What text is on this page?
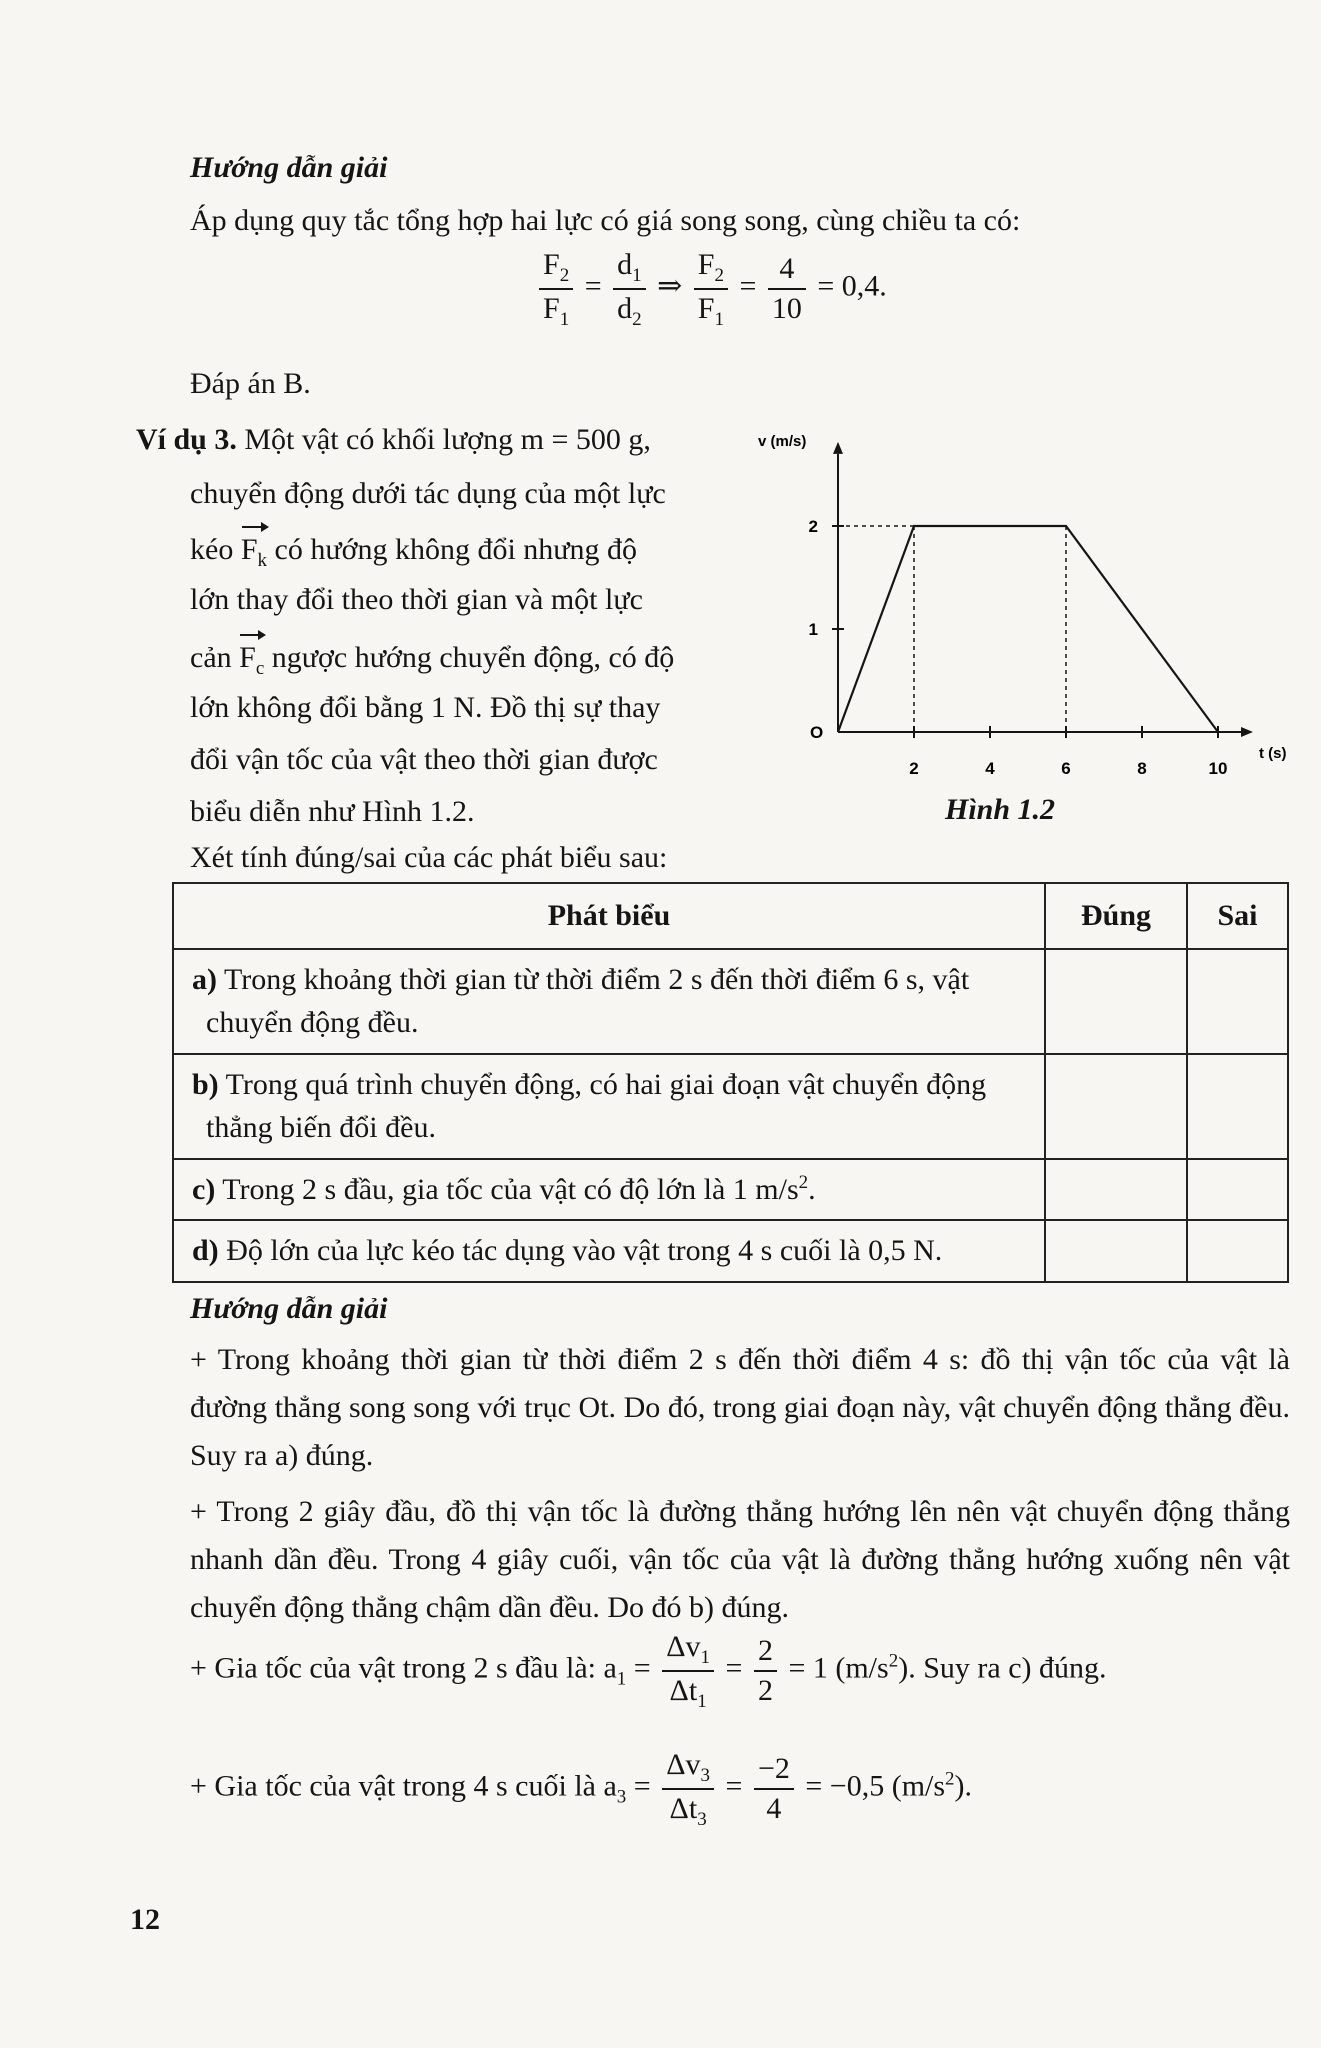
Hướng dẫn giải
Áp dụng quy tắc tổng hợp hai lực có giá song song, cùng chiều ta có:
$\frac{F_2}{F_1} = \frac{d_1}{d_2}$ ⇒ $\frac{F_2}{F_1} = \frac{4}{10} = 0,4$.
Đáp án B.
Ví dụ 3. Một vật có khối lượng m = 500 g,
chuyển động dưới tác dụng của một lực
kéo $F_k$ có hướng không đổi nhưng độ
lớn thay đổi theo thời gian và một lực
cản $F_c$ ngược hướng chuyển động, có độ
lớn không đổi bằng 1 N. Đồ thị sự thay
đổi vận tốc của vật theo thời gian được
biểu diễn như Hình 1.2.
v (m/s)
t (s)
O
2	4	6	8	10
1
2
Hình 1.2
Xét tính đúng/sai của các phát biểu sau:
Phát biểu	Đúng	Sai
a) Trong khoảng thời gian từ thời điểm 2 s đến thời điểm 6 s, vật chuyển động đều.		
b) Trong quá trình chuyển động, có hai giai đoạn vật chuyển động thẳng biến đổi đều.		
c) Trong 2 s đầu, gia tốc của vật có độ lớn là 1 $m/s^2$.		
d) Độ lớn của lực kéo tác dụng vào vật trong 4 s cuối là 0,5 N.		
Hướng dẫn giải
+ Trong khoảng thời gian từ thời điểm 2 s đến thời điểm 4 s: đồ thị vận tốc của vật là đường thẳng song song với trục Ot. Do đó, trong giai đoạn này, vật chuyển động thẳng đều. Suy ra a) đúng.
+ Trong 2 giây đầu, đồ thị vận tốc là đường thẳng hướng lên nên vật chuyển động thẳng nhanh dần đều. Trong 4 giây cuối, vận tốc của vật là đường thẳng hướng xuống nên vật chuyển động thẳng chậm dần đều. Do đó b) đúng.
+ Gia tốc của vật trong 2 s đầu là: $a_1 = \frac{\Delta v_1}{\Delta t_1} = \frac{2}{2} = 1$ $(m/s^2)$. Suy ra c) đúng.
+ Gia tốc của vật trong 4 s cuối là $a_3 = \frac{\Delta v_3}{\Delta t_3} = \frac{-2}{4} = -0,5$ $(m/s^2)$.
12
